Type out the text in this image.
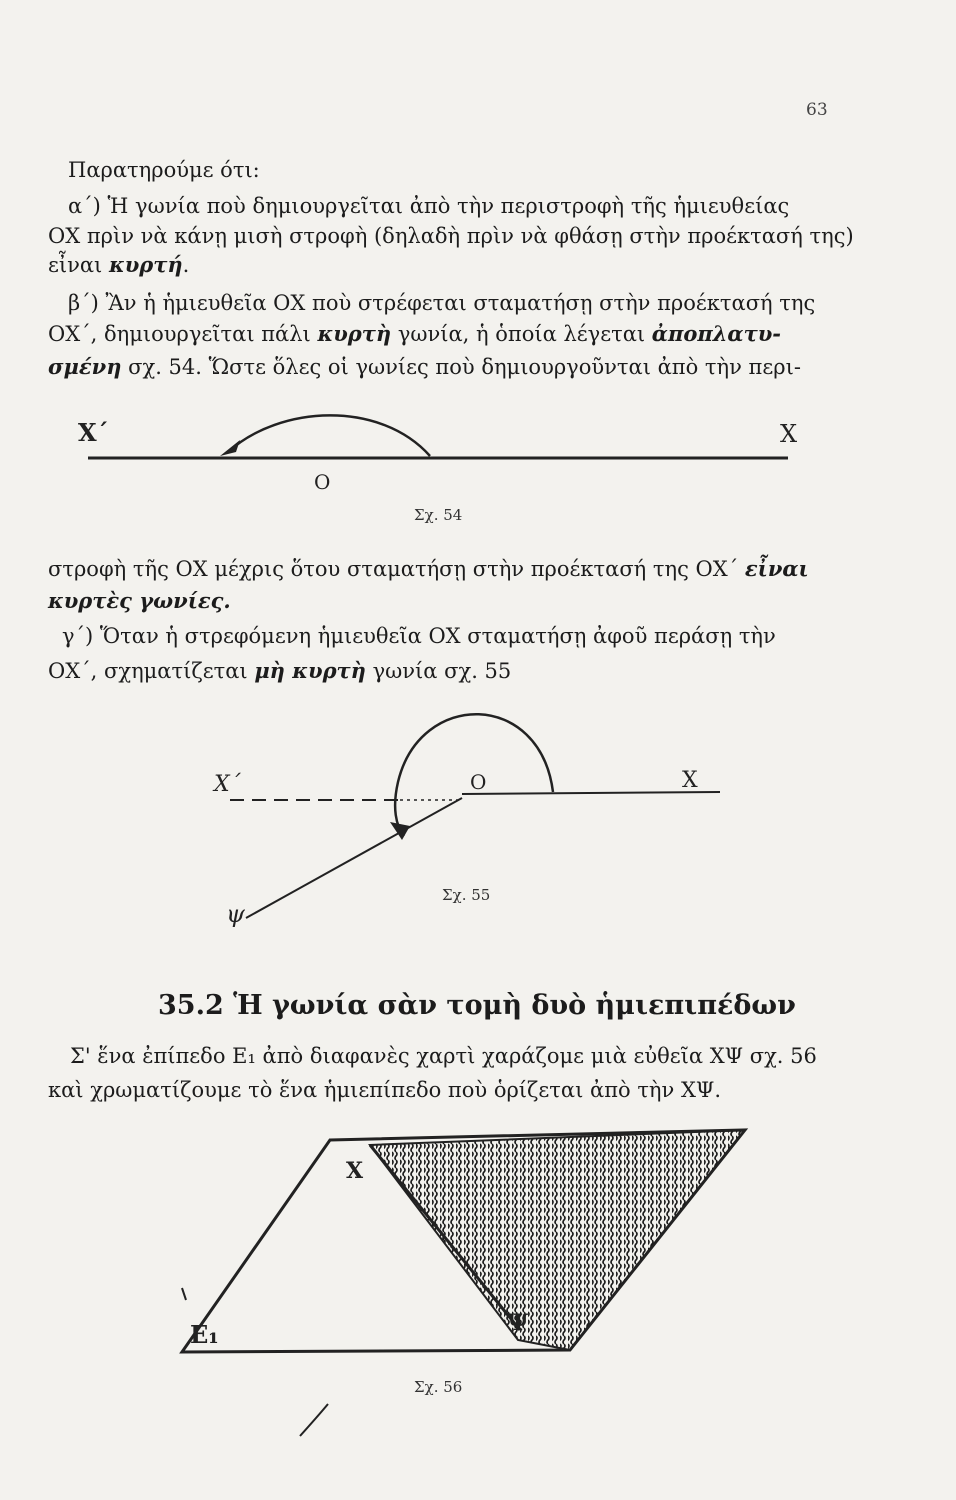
63
Παρατηρούμε ότι:
α΄) Ἡ γωνία ποὺ δημιουργεῖται ἀπὸ τὴν περιστροφὴ τῆς ἡμιευθείας
ΟΧ πρὶν νὰ κάνῃ μισὴ στροφὴ (δηλαδὴ πρὶν νὰ φθάσῃ στὴν προέκτασή της)
εἶναι κυρτή.
β΄) Ἂν ἡ ἡμιευθεῖα ΟΧ ποὺ στρέφεται σταματήσῃ στὴν προέκτασή της
ΟΧ΄, δημιουργεῖται πάλι κυρτὴ γωνία, ἡ ὁποία λέγεται ἀποπλατυ-
σμένη σχ. 54. Ὥστε ὅλες οἱ γωνίες ποὺ δημιουργοῦνται ἀπὸ τὴν περι-
στροφὴ τῆς ΟΧ μέχρις ὅτου σταματήσῃ στὴν προέκτασή της ΟΧ΄ εἶναι
κυρτὲς γωνίες.
γ΄) Ὅταν ἡ στρεφόμενη ἡμιευθεῖα ΟΧ σταματήσῃ ἀφοῦ περάσῃ τὴν
ΟΧ΄, σχηματίζεται μὴ κυρτὴ γωνία σχ. 55
35.2 Ἡ γωνία σὰν τομὴ δυὸ ἡμιεπιπέδων
Σ' ἕνα ἐπίπεδο Ε₁ ἀπὸ διαφανὲς χαρτὶ χαράζομε μιὰ εὐθεῖα ΧΨ σχ. 56
καὶ χρωματίζουμε τὸ ἕνα ἡμιεπίπεδο ποὺ ὁρίζεται ἀπὸ τὴν ΧΨ.
Χ΄	Χ
Ο
Σχ. 54
Χ΄	Χ
Ο
ψ
Σχ. 55
Χ
Ψ
Ε₁
Σχ. 56
